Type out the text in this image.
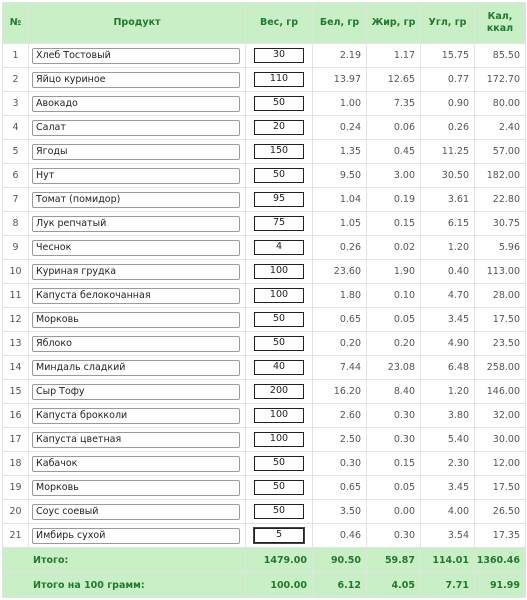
№	Продукт	Вес, гр	Бел, гр	Жир, гр	Угл, гр	Кал,
ккал
1	Хлеб Тостовый	30	2.19	1.17	15.75	85.50
2	Яйцо куриное	110	13.97	12.65	0.77	172.70
3	Авокадо	50	1.00	7.35	0.90	80.00
4	Салат	20	0.24	0.06	0.26	2.40
5	Ягоды	150	1.35	0.45	11.25	57.00
6	Нут	50	9.50	3.00	30.50	182.00
7	Томат (помидор)	95	1.04	0.19	3.61	22.80
8	Лук репчатый	75	1.05	0.15	6.15	30.75
9	Чеснок	4	0.26	0.02	1.20	5.96
10	Куриная грудка	100	23.60	1.90	0.40	113.00
11	Капуста белокочанная	100	1.80	0.10	4.70	28.00
12	Морковь	50	0.65	0.05	3.45	17.50
13	Яблоко	50	0.20	0.20	4.90	23.50
14	Миндаль сладкий	40	7.44	23.08	6.48	258.00
15	Сыр Тофу	200	16.20	8.40	1.20	146.00
16	Капуста брокколи	100	2.60	0.30	3.80	32.00
17	Капуста цветная	100	2.50	0.30	5.40	30.00
18	Кабачок	50	0.30	0.15	2.30	12.00
19	Морковь	50	0.65	0.05	3.45	17.50
20	Соус соевый	50	3.50	0.00	4.00	26.50
21	Имбирь сухой	5	0.46	0.30	3.54	17.35
Итого:		1479.00	90.50	59.87	114.01	1360.46
Итого на 100 грамм:		100.00	6.12	4.05	7.71	91.99
